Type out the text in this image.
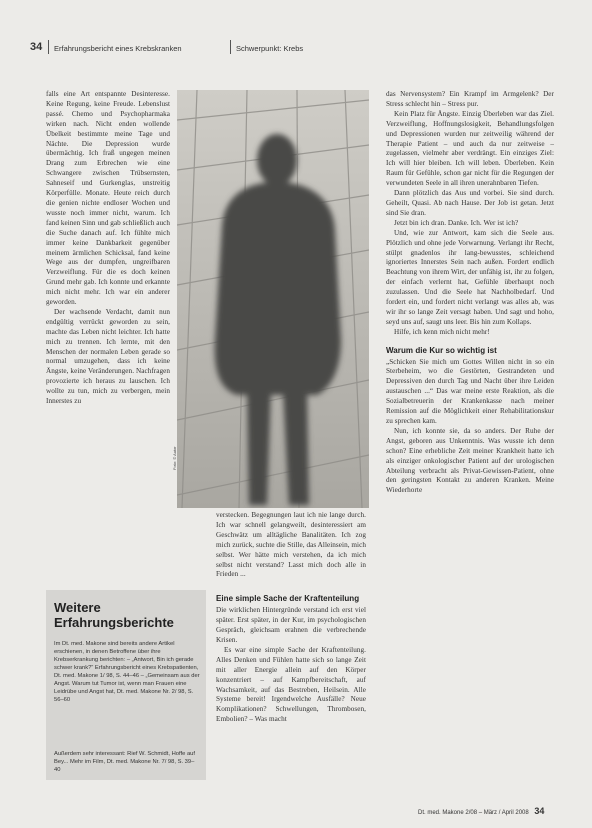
34 Erfahrungsbericht eines Krebskranken	Schwerpunkt: Krebs

falls eine Art entspannte Desinteresse. Keine Regung, keine Freude. Lebenslust passé. Chemo und Psychopharmaka wirken nach. Nicht enden wollende Übelkeit bestimmte meine Tage und Nächte. Die Depression wurde übermächtig. Ich fraß ungegen meinen Drang zum Erbrechen wie eine Schwangere zwischen Trübsernsten, Sahneseif und Gurkenglas, unstreitig Körperfülle. Monate. Heute reich durch die genien nichte endloser Wochen und wusste noch immer nicht, warum. Ich fand keinen Sinn und gab schließlich auch die Suche danach auf. Ich fühlte mich immer keine Dankbarkeit gegenüber meinem ärmlichen Schicksal, fand keine Wege aus der dumpfen, ungreifbaren Verzweiflung. Für die es doch keinen Grund mehr gab. Ich konnte und erkannte mich nicht mehr. Ich war ein anderer geworden.

Der wachsende Verdacht, damit nun endgültig verrückt geworden zu sein, machte das Leben nicht leichter. Ich hatte mich zu trennen. Ich lernte, mit den Menschen der normalen Leben gerade so normal umzugehen, dass ich keine Ängste, keine Veränderungen. Nachfragen provozierte ich heraus zu lauschen. Ich wollte zu tun, mich zu verbergen, mein Innerstes zu

Foto: © Autor

verstecken. Begegnungen laut ich nie lange durch. Ich war schnell gelangweilt, desinteressiert am Geschwätz um alltägliche Banalitäten. Ich zog mich zurück, suchte die Stille, das Alleinsein, mich selbst. Wer hätte mich verstehen, da ich mich selbst nicht verstand? Lasst mich doch alle in Frieden ...

Eine simple Sache der Kraftenteilung

Die wirklichen Hintergründe verstand ich erst viel später. Erst später, in der Kur, im psychologischen Gespräch, gleichsam erahnen die verbrechende Krisen.

Es war eine simple Sache der Kraftenteilung. Alles Denken und Fühlen hatte sich so lange Zeit mit aller Energie allein auf den Körper konzentriert – auf Kampfbereitschaft, auf Wachsamkeit, auf das Bestreben, Heilsein. Alle Systeme bereit! Irgendwelche Ausfälle? Neue Komplikationen? Schwellungen, Thrombosen, Embolien? – Was macht

das Nervensystem? Ein Krampf im Armgelenk? Der Stress schlecht hin – Stress pur.

Kein Platz für Ängste. Einzig Überleben war das Ziel. Verzweiflung, Hoffnungslosigkeit, Behandlungsfolgen und Depressionen wurden nur zeitweilig während der Therapie Patient – und auch da nur zeitweise – zugelassen, vielmehr aber verdrängt. Ein einziges Ziel: Ich will hier bleiben. Ich will leben. Überleben. Kein Raum für Gefühle, schon gar nicht für die Regungen der verwundeten Seele in all ihren unerahnbaren Tiefen.

Dann plötzlich das Aus und vorbei. Sie sind durch. Geheilt, Quasi. Ab nach Hause. Der Job ist getan. Jetzt sind Sie dran.

Jetzt bin ich dran. Danke. Ich. Wer ist ich?

Und, wie zur Antwort, kam sich die Seele aus. Plötzlich und ohne jede Vorwarnung. Verlangt ihr Recht, stülpt gnadenlos ihr lang-bewusstes, schleichend ignoriertes Innerstes Sein nach außen. Fordert endlich Beachtung von ihrem Wirt, der unfähig ist, ihr zu folgen, der einfach verlernt hat, Gefühle überhaupt noch zuzulassen. Und die Seele hat Nachholbedarf. Und fordert ein, und fordert nicht verlangt was alles ab, was wir ihr so lange Zeit versagt haben. Und sagt und hoho, seyd uns auf, saugt uns leer. Bis hin zum Kollaps.

Hilfe, ich kenn mich nicht mehr!

Warum die Kur so wichtig ist

„Schicken Sie mich um Gottes Willen nicht in so ein Sterbeheim, wo die Gestörten, Gestrandeten und Depressiven den durch Tag und Nacht über ihre Leiden austauschen ...“ Das war meine erste Reaktion, als die Sozialbetreuerin der Krankenkasse nach meiner Remission auf die Möglichkeit einer Rehabilitationskur zu sprechen kam.

Nun, ich konnte sie, da so anders. Der Ruhe der Angst, geboren aus Unkenntnis. Was wusste ich denn schon? Eine erhebliche Zeit meiner Krankheit hatte ich als einziger onkologischer Patient auf der urologischen Abteilung verbracht als Privat-Gewissen-Patient, ohne den geringsten Kontakt zu anderen Kranken. Meine Wiederhorte

Weitere
Erfahrungsberichte
Im Dt. med. Makone sind bereits andere Artikel erschienen, in denen Betroffene über ihre Krebserkrankung berichten: – „Antwort, Bin ich gerade schwer krank?“ Erfahrungsbericht eines Krebspatienten, Dt. med. Makone 1/ 98, S. 44–46 – „Gemeinsam aus der Angst. Warum tut Tumor ist, wenn man Frauen eine Leidrübe und Angst hat, Dt. med. Makone Nr. 2/ 98, S. 56–60
Außerdem sehr interessant: Rief W. Schmidt, Hoffe auf Bey... Mehr im Film, Dt. med. Makone Nr. 7/ 98, S. 39–40
Dt. med. Makone 2/08 – März / April 2008 34
